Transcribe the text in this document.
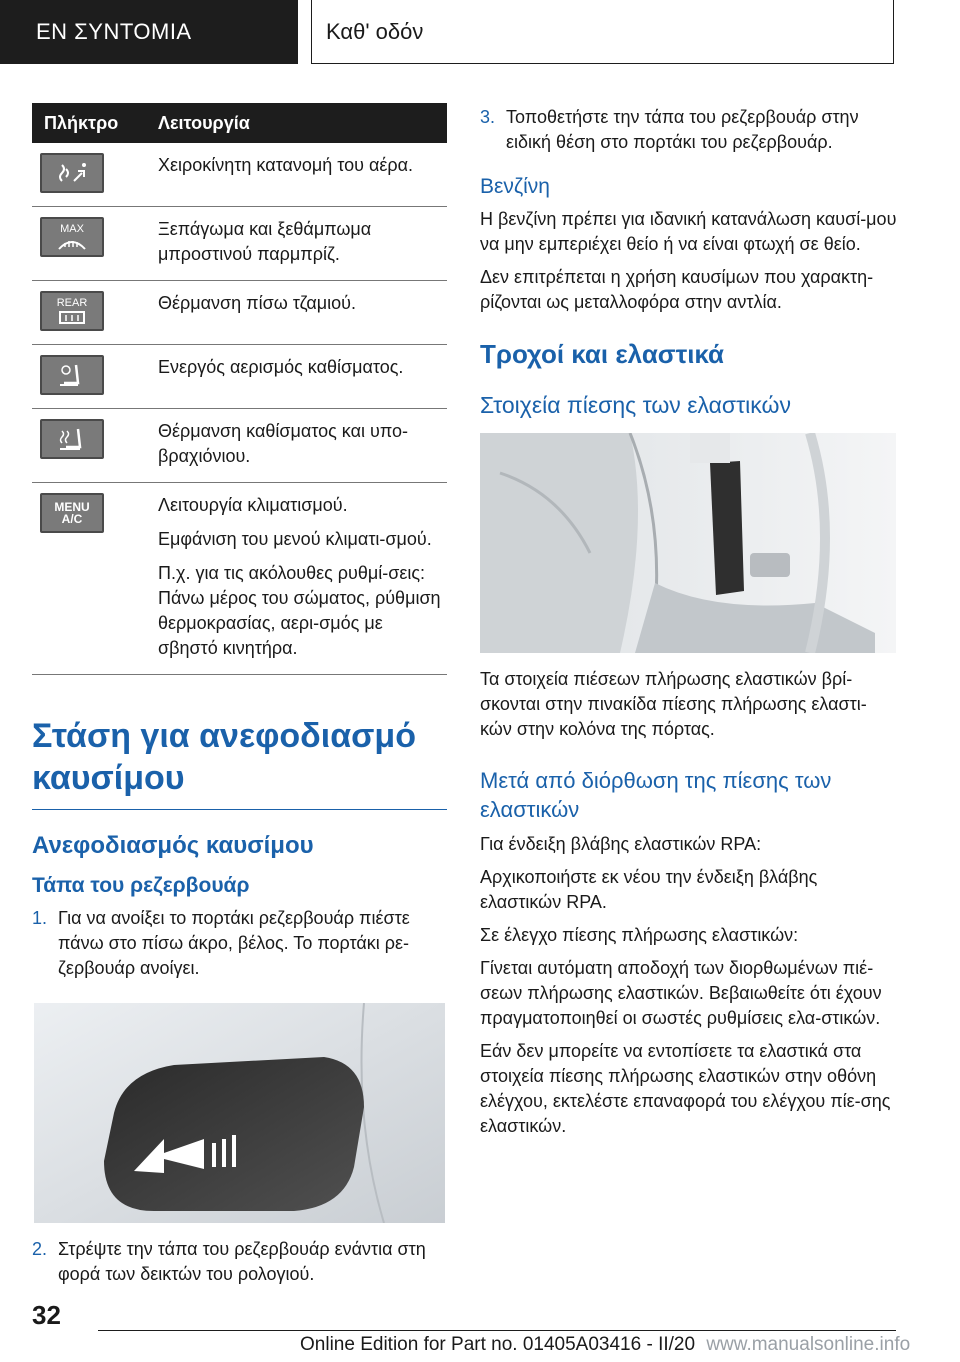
ΕΝ ΣΥΝΤΟΜΙΑ	Καθ' οδόν
Πλήκτρο	Λειτουργία

Χειροκίνητη κατανομή του αέρα.

MAX	Ξεπάγωμα και ξεθάμπωμα μπροστινού παρμπρίζ.

REAR	Θέρμανση πίσω τζαμιού.

Ενεργός αερισμός καθίσματος.

Θέρμανση καθίσματος και υπο-βραχιόνιου.

MENU A/C	Λειτουργία κλιματισμού.

Εμφάνιση του μενού κλιματι-σμού.

Π.χ. για τις ακόλουθες ρυθμί-σεις: Πάνω μέρος του σώματος, ρύθμιση θερμοκρασίας, αερι-σμός με σβηστό κινητήρα.

Στάση για ανεφοδιασμό καυσίμου
Ανεφοδιασμός καυσίμου
Τάπα του ρεζερβουάρ
1. Για να ανοίξει το πορτάκι ρεζερβουάρ πιέστε πάνω στο πίσω άκρο, βέλος. Το πορτάκι ρε-ζερβουάρ ανοίγει.
2. Στρέψτε την τάπα του ρεζερβουάρ ενάντια στη φορά των δεικτών του ρολογιού.
3. Τοποθετήστε την τάπα του ρεζερβουάρ στην ειδική θέση στο πορτάκι του ρεζερβουάρ.
Βενζίνη

Η βενζίνη πρέπει για ιδανική κατανάλωση καυσί-μου να μην εμπεριέχει θείο ή να είναι φτωχή σε θείο.

Δεν επιτρέπεται η χρήση καυσίμων που χαρακτη-ρίζονται ως μεταλλοφόρα στην αντλία.

Τροχοί και ελαστικά
Στοιχεία πίεσης των ελαστικών

Τα στοιχεία πιέσεων πλήρωσης ελαστικών βρί-σκονται στην πινακίδα πίεσης πλήρωσης ελαστι-κών στην κολόνα της πόρτας.

Μετά από διόρθωση της πίεσης των ελαστικών

Για ένδειξη βλάβης ελαστικών RPA:

Αρχικοποιήστε εκ νέου την ένδειξη βλάβης ελαστικών RPA.

Σε έλεγχο πίεσης πλήρωσης ελαστικών:

Γίνεται αυτόματη αποδοχή των διορθωμένων πιέ-σεων πλήρωσης ελαστικών. Βεβαιωθείτε ότι έχουν πραγματοποιηθεί οι σωστές ρυθμίσεις ελα-στικών.

Εάν δεν μπορείτε να εντοπίσετε τα ελαστικά στα στοιχεία πίεσης πλήρωσης ελαστικών στην οθόνη ελέγχου, εκτελέστε επαναφορά του ελέγχου πίε-σης ελαστικών.

32
Online Edition for Part no. 01405A03416 - II/20 www.manualsonline.info
